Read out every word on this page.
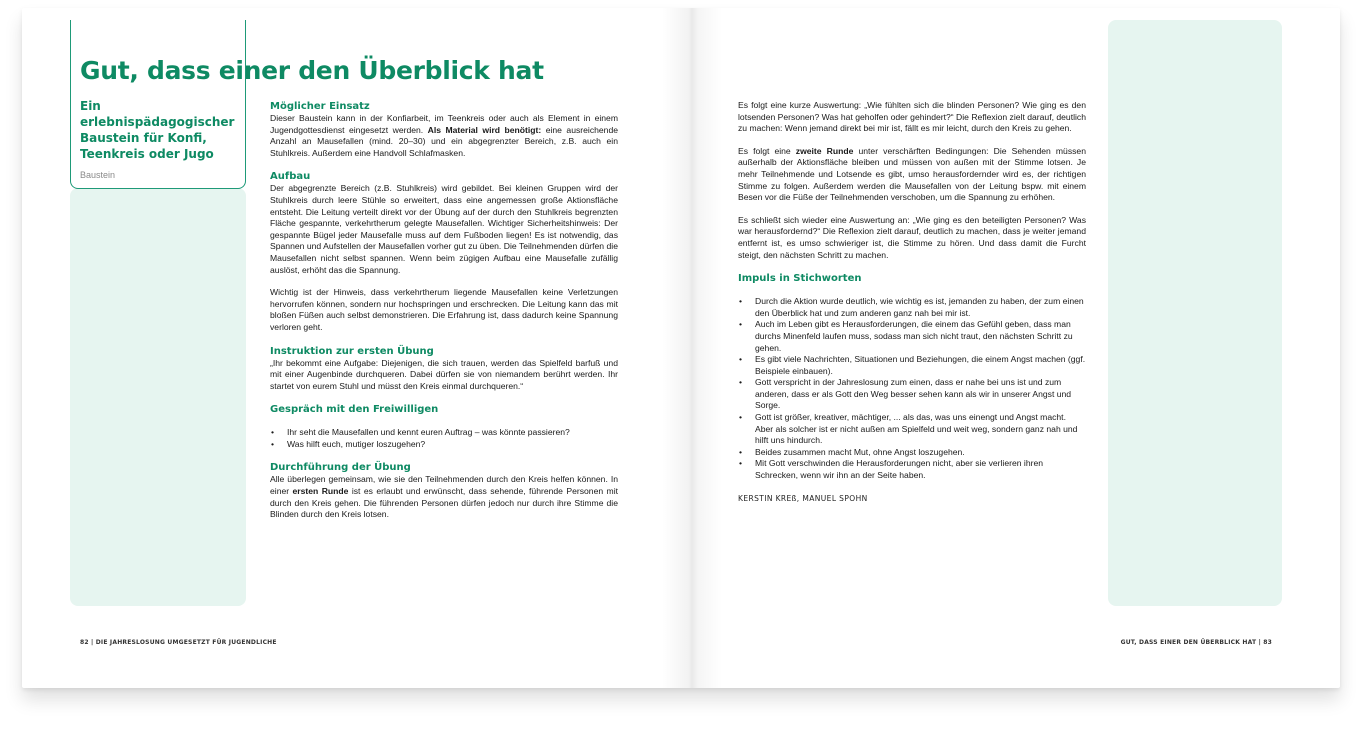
Gut, dass einer den Überblick hat
Ein erlebnispädagogischer Baustein für Konfi, Teenkreis oder Jugo
Baustein
Möglicher Einsatz

Dieser Baustein kann in der Konfiarbeit, im Teenkreis oder auch als Element in einem Jugendgottesdienst eingesetzt werden. Als Material wird benötigt: eine ausreichende Anzahl an Mausefallen (mind. 20–30) und ein abgegrenzter Bereich, z.B. auch ein Stuhlkreis. Außerdem eine Handvoll Schlafmasken.

Aufbau

Der abgegrenzte Bereich (z.B. Stuhlkreis) wird gebildet. Bei kleinen Gruppen wird der Stuhlkreis durch leere Stühle so erweitert, dass eine angemessen große Aktionsfläche entsteht. Die Leitung verteilt direkt vor der Übung auf der durch den Stuhlkreis begrenzten Fläche gespannte, verkehrtherum gelegte Mausefallen. Wichtiger Sicherheitshinweis: Der gespannte Bügel jeder Mausefalle muss auf dem Fußboden liegen! Es ist notwendig, das Spannen und Aufstellen der Mausefallen vorher gut zu üben. Die Teilnehmenden dürfen die Mausefallen nicht selbst spannen. Wenn beim zügigen Aufbau eine Mausefalle zufällig auslöst, erhöht das die Spannung.

Wichtig ist der Hinweis, dass verkehrtherum liegende Mausefallen keine Verletzungen hervorrufen können, sondern nur hochspringen und erschrecken. Die Leitung kann das mit bloßen Füßen auch selbst demonstrieren. Die Erfahrung ist, dass dadurch keine Spannung verloren geht.

Instruktion zur ersten Übung

„Ihr bekommt eine Aufgabe: Diejenigen, die sich trauen, werden das Spielfeld barfuß und mit einer Augenbinde durchqueren. Dabei dürfen sie von niemandem berührt werden. Ihr startet von eurem Stuhl und müsst den Kreis einmal durchqueren.“

Gespräch mit den Freiwilligen
• Ihr seht die Mausefallen und kennt euren Auftrag – was könnte passieren?
• Was hilft euch, mutiger loszugehen?
Durchführung der Übung

Alle überlegen gemeinsam, wie sie den Teilnehmenden durch den Kreis helfen können. In einer ersten Runde ist es erlaubt und erwünscht, dass sehende, führende Personen mit durch den Kreis gehen. Die führenden Personen dürfen jedoch nur durch ihre Stimme die Blinden durch den Kreis lotsen.

Es folgt eine kurze Auswertung: „Wie fühlten sich die blinden Personen? Wie ging es den lotsenden Personen? Was hat geholfen oder gehindert?“ Die Reflexion zielt darauf, deutlich zu machen: Wenn jemand direkt bei mir ist, fällt es mir leicht, durch den Kreis zu gehen.

Es folgt eine zweite Runde unter verschärften Bedingungen: Die Sehenden müssen außerhalb der Aktionsfläche bleiben und müssen von außen mit der Stimme lotsen. Je mehr Teilnehmende und Lotsende es gibt, umso herausfordernder wird es, der richtigen Stimme zu folgen. Außerdem werden die Mausefallen von der Leitung bspw. mit einem Besen vor die Füße der Teilnehmenden verschoben, um die Spannung zu erhöhen.

Es schließt sich wieder eine Auswertung an: „Wie ging es den beteiligten Personen? Was war herausfordernd?“ Die Reflexion zielt darauf, deutlich zu machen, dass je weiter jemand entfernt ist, es umso schwieriger ist, die Stimme zu hören. Und dass damit die Furcht steigt, den nächsten Schritt zu machen.

Impuls in Stichworten
• Durch die Aktion wurde deutlich, wie wichtig es ist, jemanden zu haben, der zum einen den Überblick hat und zum anderen ganz nah bei mir ist.
• Auch im Leben gibt es Herausforderungen, die einem das Gefühl geben, dass man durchs Minenfeld laufen muss, sodass man sich nicht traut, den nächsten Schritt zu gehen.
• Es gibt viele Nachrichten, Situationen und Beziehungen, die einem Angst machen (ggf. Beispiele einbauen).
• Gott verspricht in der Jahreslosung zum einen, dass er nahe bei uns ist und zum anderen, dass er als Gott den Weg besser sehen kann als wir in unserer Angst und Sorge.
• Gott ist größer, kreativer, mächtiger, ... als das, was uns einengt und Angst macht. Aber als solcher ist er nicht außen am Spielfeld und weit weg, sondern ganz nah und hilft uns hindurch.
• Beides zusammen macht Mut, ohne Angst loszugehen.
• Mit Gott verschwinden die Herausforderungen nicht, aber sie verlieren ihren Schrecken, wenn wir ihn an der Seite haben.

KERSTIN KREß, MANUEL SPOHN

82 | DIE JAHRESLOSUNG UMGESETZT FÜR JUGENDLICHE	GUT, DASS EINER DEN ÜBERBLICK HAT | 83
